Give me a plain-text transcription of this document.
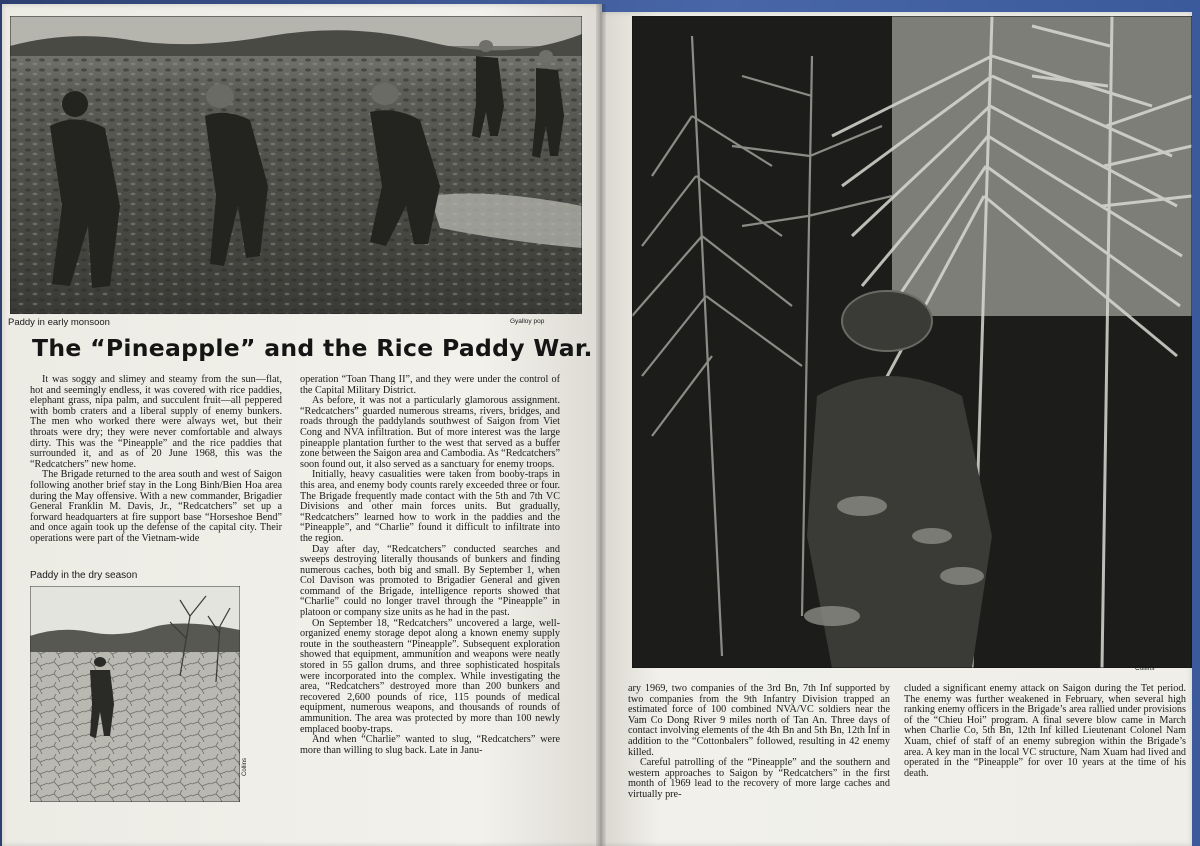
Paddy in early monsoon	Gyalloy pop
The “Pineapple” and the Rice Paddy War.

It was soggy and slimey and steamy from the sun—flat, hot and seemingly endless, it was covered with rice paddies, elephant grass, nipa palm, and succulent fruit—all peppered with bomb craters and a liberal supply of enemy bunkers. The men who worked there were always wet, but their throats were dry; they were never comfortable and always dirty. This was the “Pineapple” and the rice paddies that surrounded it, and as of 20 June 1968, this was the “Redcatchers” new home.

The Brigade returned to the area south and west of Saigon following another brief stay in the Long Binh/Bien Hoa area during the May offensive. With a new commander, Brigadier General Franklin M. Davis, Jr., “Redcatchers” set up a forward headquarters at fire support base “Horseshoe Bend” and once again took up the defense of the capital city. Their operations were part of the Vietnam-wide

Paddy in the dry season
Collins

operation “Toan Thang II”, and they were under the control of the Capital Military District.

As before, it was not a particularly glamorous assignment. “Redcatchers” guarded numerous streams, rivers, bridges, and roads through the paddylands southwest of Saigon from Viet Cong and NVA infiltration. But of more interest was the large pineapple plantation further to the west that served as a buffer zone between the Saigon area and Cambodia. As “Redcatchers” soon found out, it also served as a sanctuary for enemy troops.

Initially, heavy casualities were taken from booby-traps in this area, and enemy body counts rarely exceeded three or four. The Brigade frequently made contact with the 5th and 7th VC Divisions and other main forces units. But gradually, “Redcatchers” learned how to work in the paddies and the “Pineapple”, and “Charlie” found it difficult to infiltrate into the region.

Day after day, “Redcatchers” conducted searches and sweeps destroying literally thousands of bunkers and finding numerous caches, both big and small. By September 1, when Col Davison was promoted to Brigadier General and given command of the Brigade, intelligence reports showed that “Charlie” could no longer travel through the “Pineapple” in platoon or company size units as he had in the past.

On September 18, “Redcatchers” uncovered a large, well-organized enemy storage depot along a known enemy supply route in the southeastern “Pineapple”. Subsequent exploration showed that equipment, ammunition and weapons were neatly stored in 55 gallon drums, and three sophisticated hospitals were incorporated into the complex. While investigating the area, “Redcatchers” destroyed more than 200 bunkers and recovered 2,600 pounds of rice, 115 pounds of medical equipment, numerous weapons, and thousands of rounds of ammunition. The area was protected by more than 100 newly emplaced booby-traps.

And when “Charlie” wanted to slug, “Redcatchers” were more than willing to slug back. Late in Janu-

Collins

ary 1969, two companies of the 3rd Bn, 7th Inf supported by two companies from the 9th Infantry Division trapped an estimated force of 100 combined NVA/VC soldiers near the Vam Co Dong River 9 miles north of Tan An. Three days of contact involving elements of the 4th Bn and 5th Bn, 12th Inf in addition to the “Cottonbalers” followed, resulting in 42 enemy killed.

Careful patrolling of the “Pineapple” and the southern and western approaches to Saigon by “Redcatchers” in the first month of 1969 lead to the recovery of more large caches and virtually pre-

cluded a significant enemy attack on Saigon during the Tet period. The enemy was further weakened in February, when several high ranking enemy officers in the Brigade’s area rallied under provisions of the “Chieu Hoi” program. A final severe blow came in March when Charlie Co, 5th Bn, 12th Inf killed Lieutenant Colonel Nam Xuam, chief of staff of an enemy subregion within the Brigade’s area. A key man in the local VC structure, Nam Xuam had lived and operated in the “Pineapple” for over 10 years at the time of his death.
